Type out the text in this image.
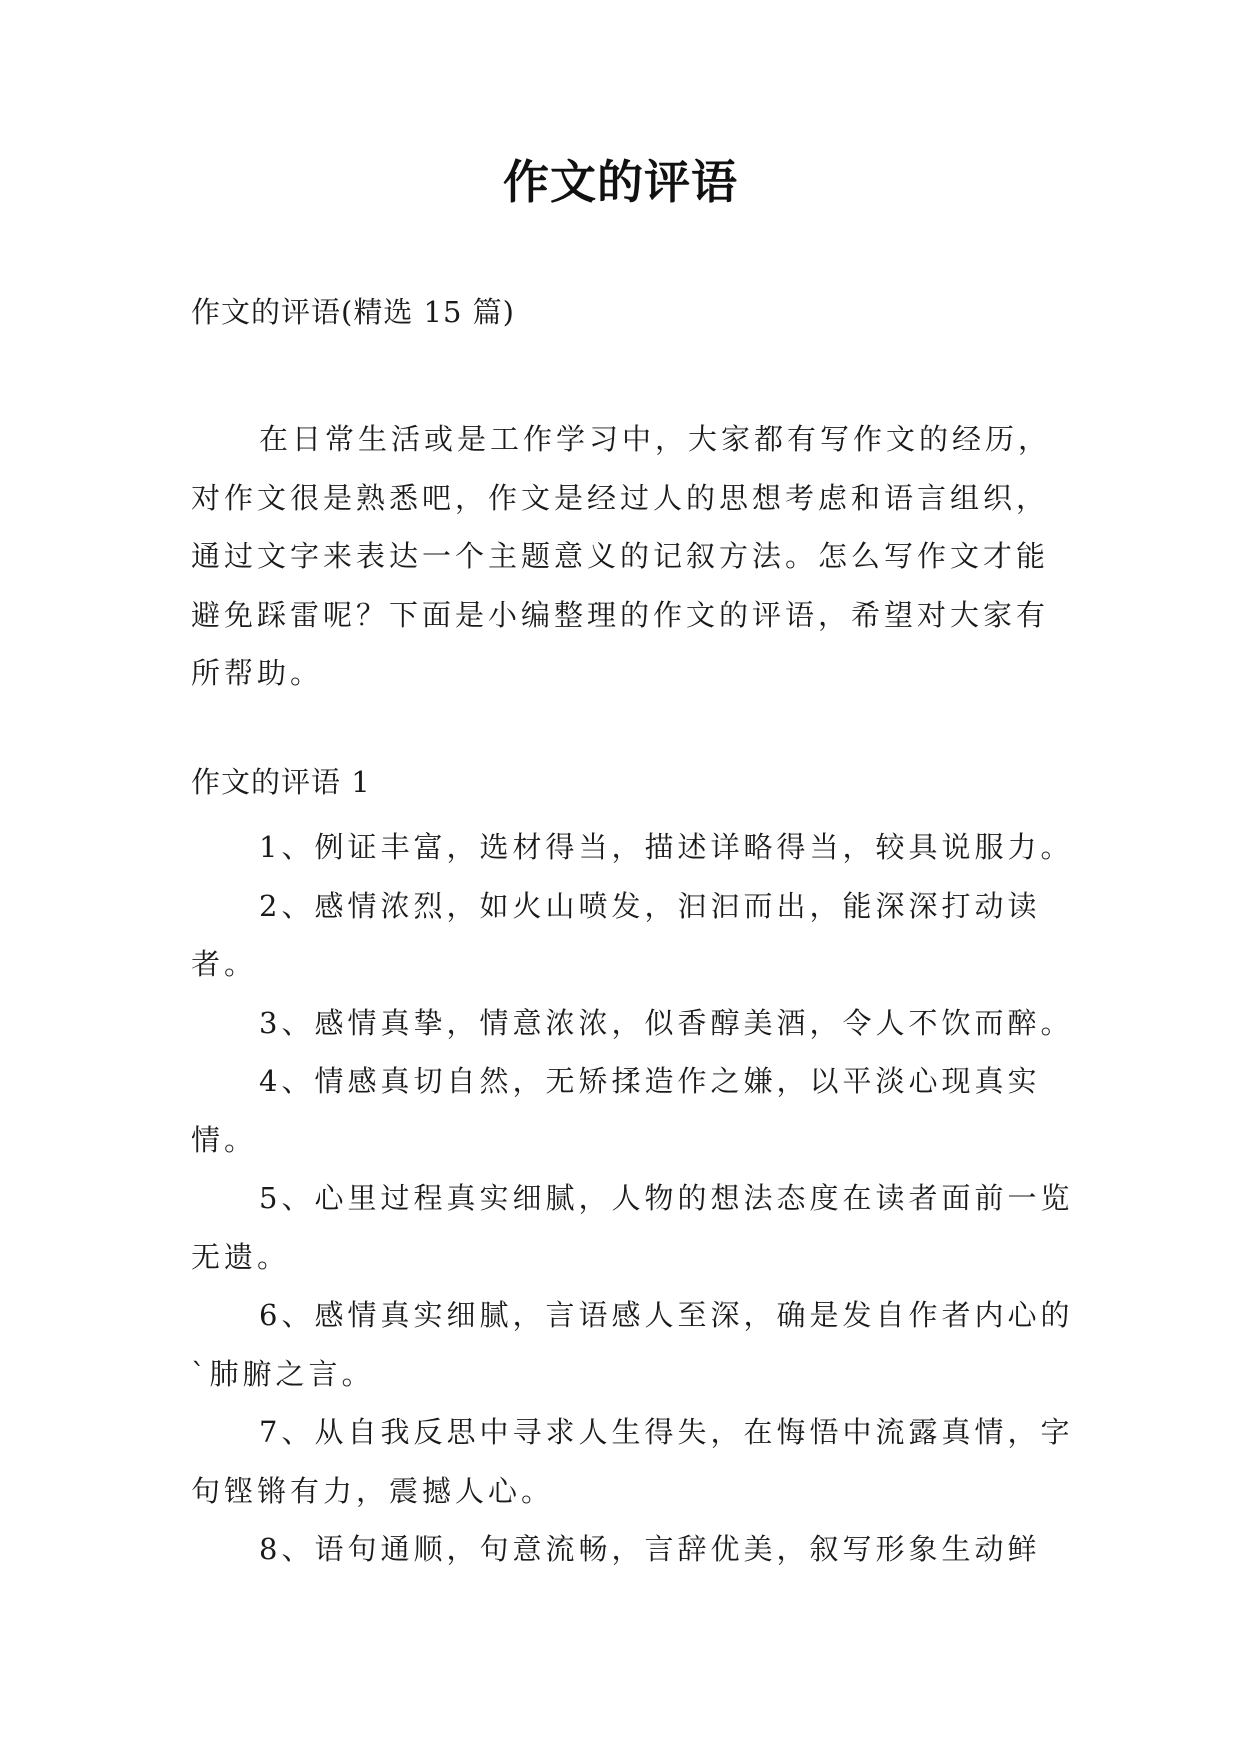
作文的评语
作文的评语(精选 15 篇)

在日常生活或是工作学习中，大家都有写作文的经历，对作文很是熟悉吧，作文是经过人的思想考虑和语言组织，通过文字来表达一个主题意义的记叙方法。怎么写作文才能避免踩雷呢？下面是小编整理的作文的评语，希望对大家有所帮助。

作文的评语 1

1、例证丰富，选材得当，描述详略得当，较具说服力。

2、感情浓烈，如火山喷发，汩汩而出，能深深打动读者。

3、感情真挚，情意浓浓，似香醇美酒，令人不饮而醉。

4、情感真切自然，无矫揉造作之嫌，以平淡心现真实情。

5、心里过程真实细腻，人物的想法态度在读者面前一览无遗。

6、感情真实细腻，言语感人至深，确是发自作者内心的`肺腑之言。

7、从自我反思中寻求人生得失，在悔悟中流露真情，字句铿锵有力，震撼人心。

8、语句通顺，句意流畅，言辞优美，叙写形象生动鲜
